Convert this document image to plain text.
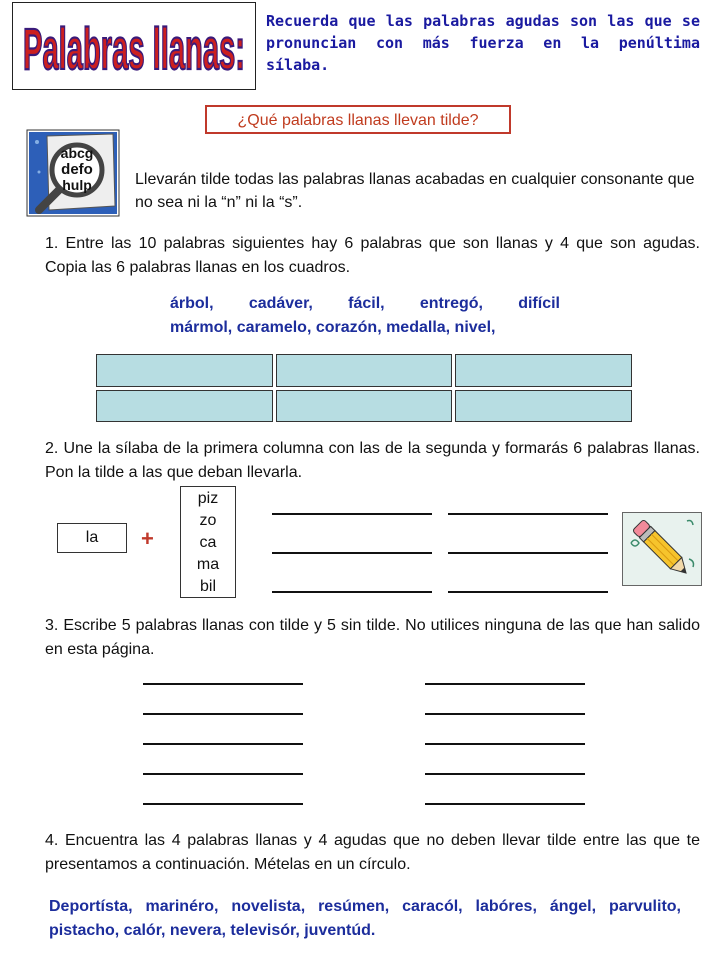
Palabras llanas: Recuerda que las palabras agudas son las que se pronuncian con más fuerza en la penúltima sílaba.
¿Qué palabras llanas llevan tilde?
abcg
defo
hulp	Llevarán tilde todas las palabras llanas acabadas en cualquier consonante que no sea ni la “n” ni la “s”.
1. Entre las 10 palabras siguientes hay 6 palabras que son llanas y 4 que son agudas. Copia las 6 palabras llanas en los cuadros.
árbol, cadáver, fácil, entregó, difícil
mármol, caramelo, corazón, medalla, nivel,
2. Une la sílaba de la primera columna con las de la segunda y formarás 6 palabras llanas. Pon la tilde a las que deban llevarla.
la	+
piz
zo
ca
ma
bil
3. Escribe 5 palabras llanas con tilde y 5 sin tilde. No utilices ninguna de las que han salido en esta página.
4. Encuentra las 4 palabras llanas y 4 agudas que no deben llevar tilde entre las que te presentamos a continuación. Mételas en un círculo.
Deportísta, marinéro, novelista, resúmen, caracól, labóres, ángel, parvulito, pistacho, calór, nevera, televisór, juventúd.
